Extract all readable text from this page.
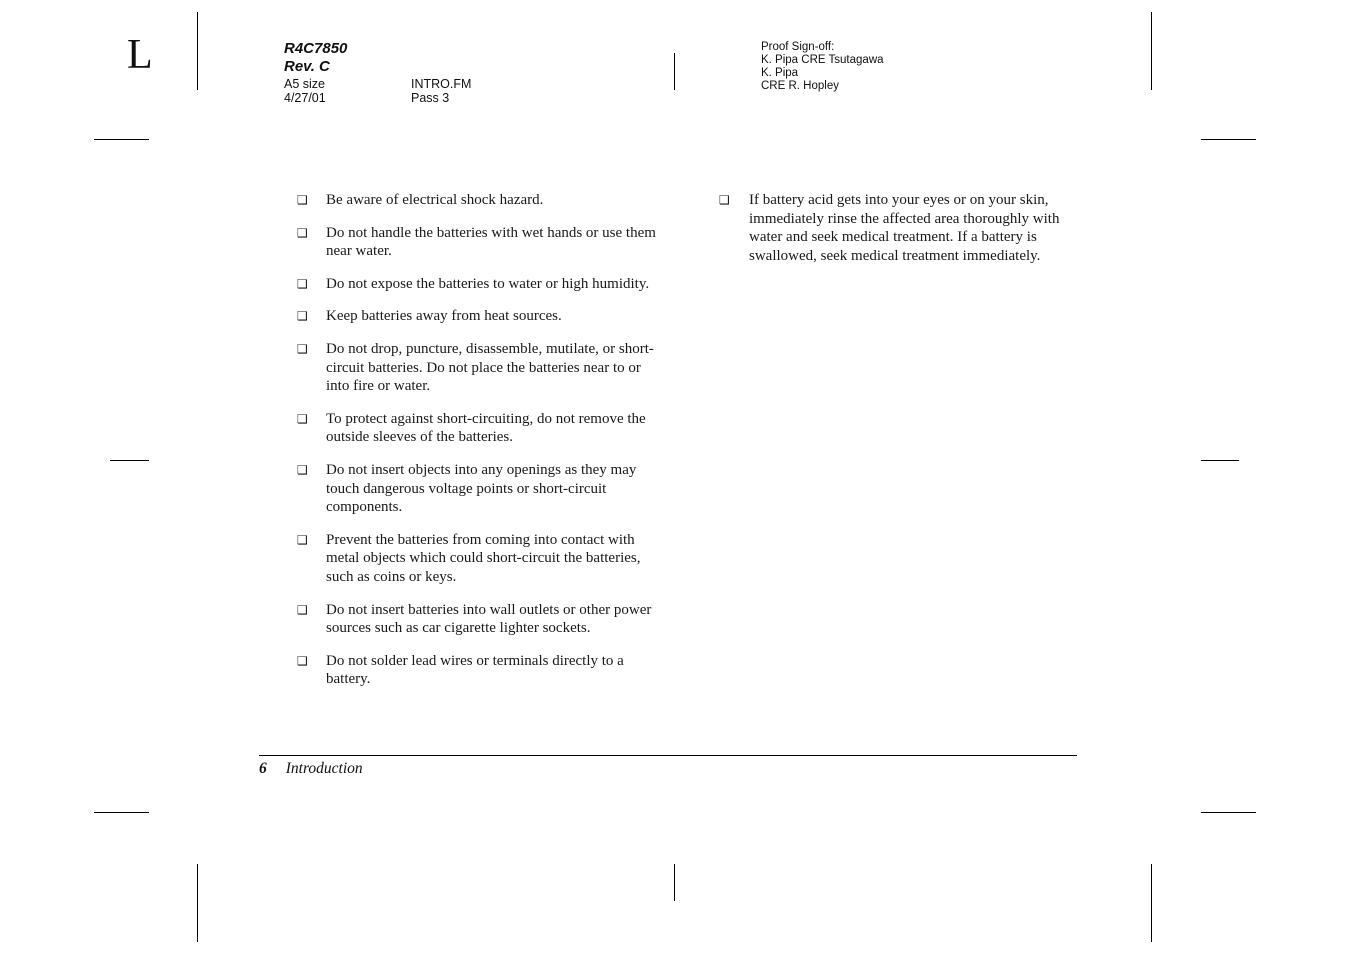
L	R4C7850
Rev. C
A5 size
4/27/01
INTRO.FM
Pass 3
Proof Sign-off:
K. Pipa CRE Tsutagawa
K. Pipa
CRE R. Hopley
❑ Be aware of electrical shock hazard.
❑ Do not handle the batteries with wet hands or use them near water.
❑ Do not expose the batteries to water or high humidity.
❑ Keep batteries away from heat sources.
❑ Do not drop, puncture, disassemble, mutilate, or short-circuit batteries. Do not place the batteries near to or into fire or water.
❑ To protect against short-circuiting, do not remove the outside sleeves of the batteries.
❑ Do not insert objects into any openings as they may touch dangerous voltage points or short-circuit components.
❑ Prevent the batteries from coming into contact with metal objects which could short-circuit the batteries, such as coins or keys.
❑ Do not insert batteries into wall outlets or other power sources such as car cigarette lighter sockets.
❑ Do not solder lead wires or terminals directly to a battery.
❑ If battery acid gets into your eyes or on your skin, immediately rinse the affected area thoroughly with water and seek medical treatment. If a battery is swallowed, seek medical treatment immediately.
6 Introduction
